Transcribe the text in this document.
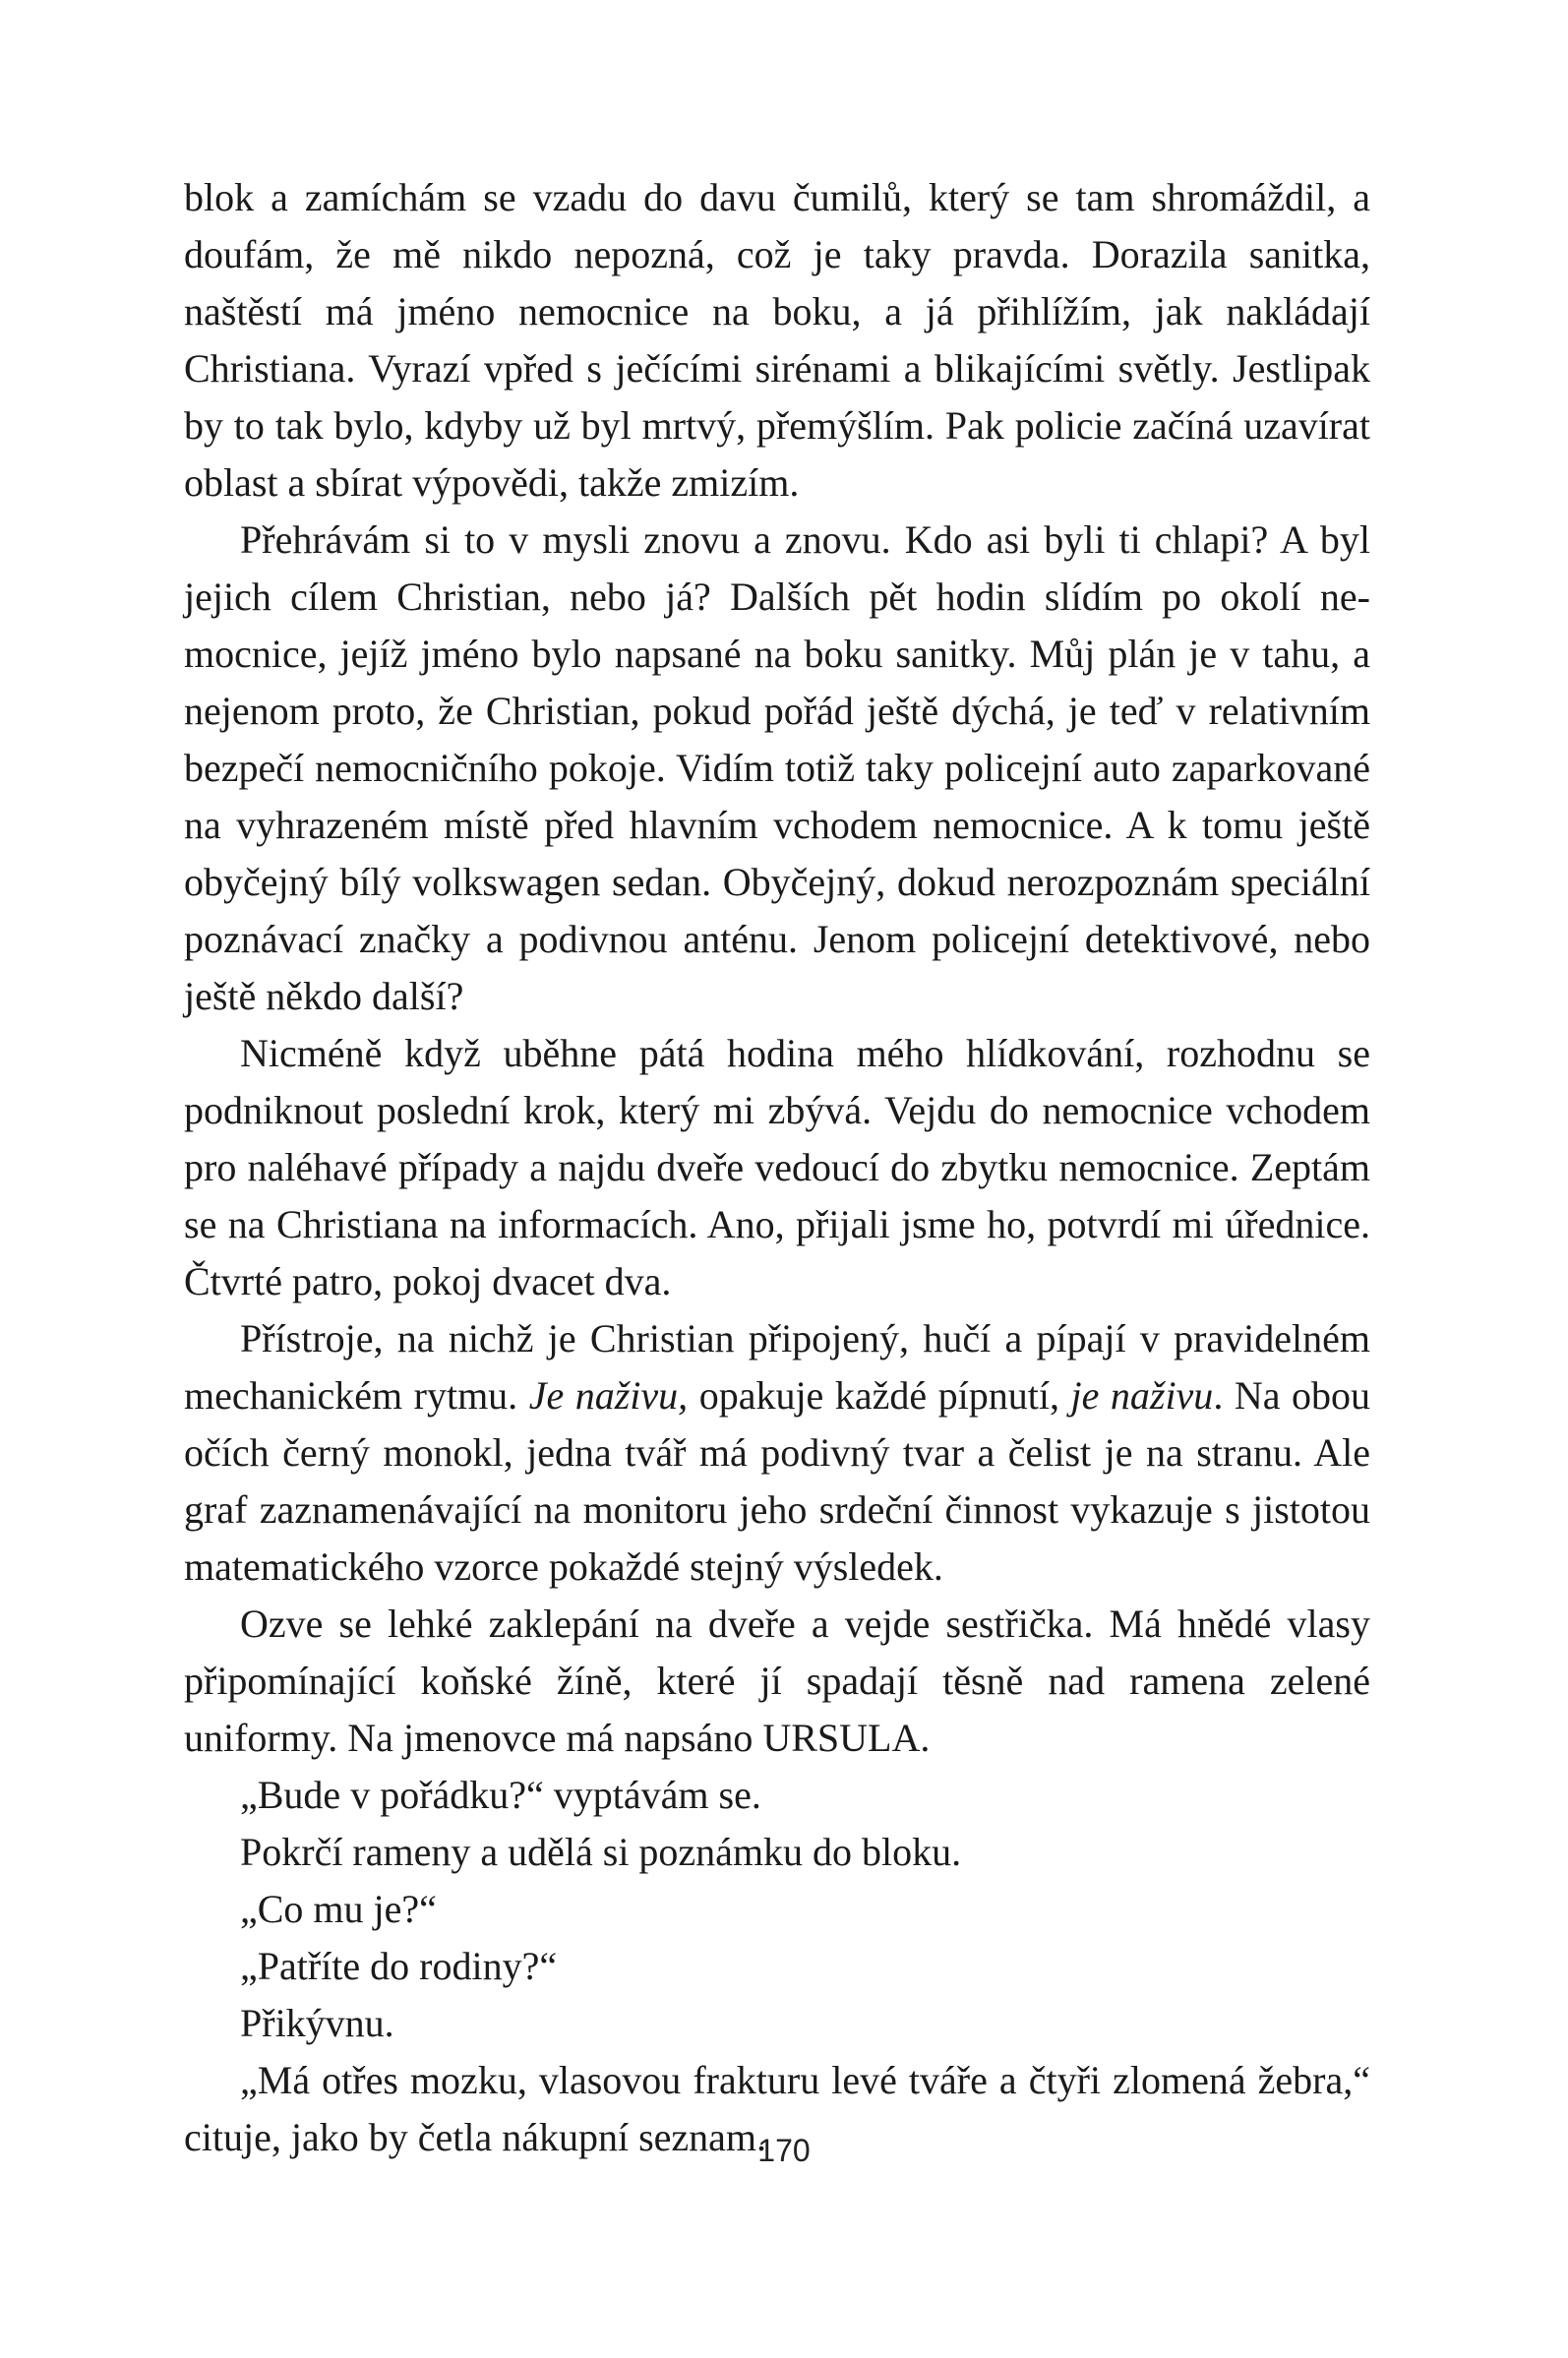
blok a zamíchám se vzadu do davu čumilů, který se tam shromáždil, a doufám, že mě nikdo nepozná, což je taky pravda. Dorazila sanitka, naštěstí má jméno nemocnice na boku, a já přihlížím, jak nakládají Christiana. Vyrazí vpřed s ječícími sirénami a blikajícími světly. Jestlipak by to tak bylo, kdyby už byl mrtvý, přemýšlím. Pak policie začíná uzavírat oblast a sbírat výpovědi, takže zmizím.

Přehrávám si to v mysli znovu a znovu. Kdo asi byli ti chlapi? A byl jejich cílem Christian, nebo já? Dalších pět hodin slídím po okolí nemocnice, jejíž jméno bylo napsané na boku sanitky. Můj plán je v tahu, a nejenom proto, že Christian, pokud pořád ještě dýchá, je teď v relativním bezpečí nemocničního pokoje. Vidím totiž taky policejní auto zaparkované na vyhrazeném místě před hlavním vchodem nemocnice. A k tomu ještě obyčejný bílý volkswagen sedan. Obyčejný, dokud nerozpoznám speciální poznávací značky a podivnou anténu. Jenom policejní detektivové, nebo ještě někdo další?

Nicméně když uběhne pátá hodina mého hlídkování, rozhodnu se podniknout poslední krok, který mi zbývá. Vejdu do nemocnice vchodem pro naléhavé případy a najdu dveře vedoucí do zbytku nemocnice. Zeptám se na Christiana na informacích. Ano, přijali jsme ho, potvrdí mi úřednice. Čtvrté patro, pokoj dvacet dva.

Přístroje, na nichž je Christian připojený, hučí a pípají v pravidelném mechanickém rytmu. Je naživu, opakuje každé pípnutí, je naživu. Na obou očích černý monokl, jedna tvář má podivný tvar a čelist je na stranu. Ale graf zaznamenávající na monitoru jeho srdeční činnost vykazuje s jistotou matematického vzorce pokaždé stejný výsledek.

Ozve se lehké zaklepání na dveře a vejde sestřička. Má hnědé vlasy připomínající koňské žíně, které jí spadají těsně nad ramena zelené uniformy. Na jmenovce má napsáno URSULA.

„Bude v pořádku?“ vyptávám se.

Pokrčí rameny a udělá si poznámku do bloku.

„Co mu je?“

„Patříte do rodiny?“

Přikývnu.

„Má otřes mozku, vlasovou frakturu levé tváře a čtyři zlomená žebra,“ cituje, jako by četla nákupní seznam.

170
